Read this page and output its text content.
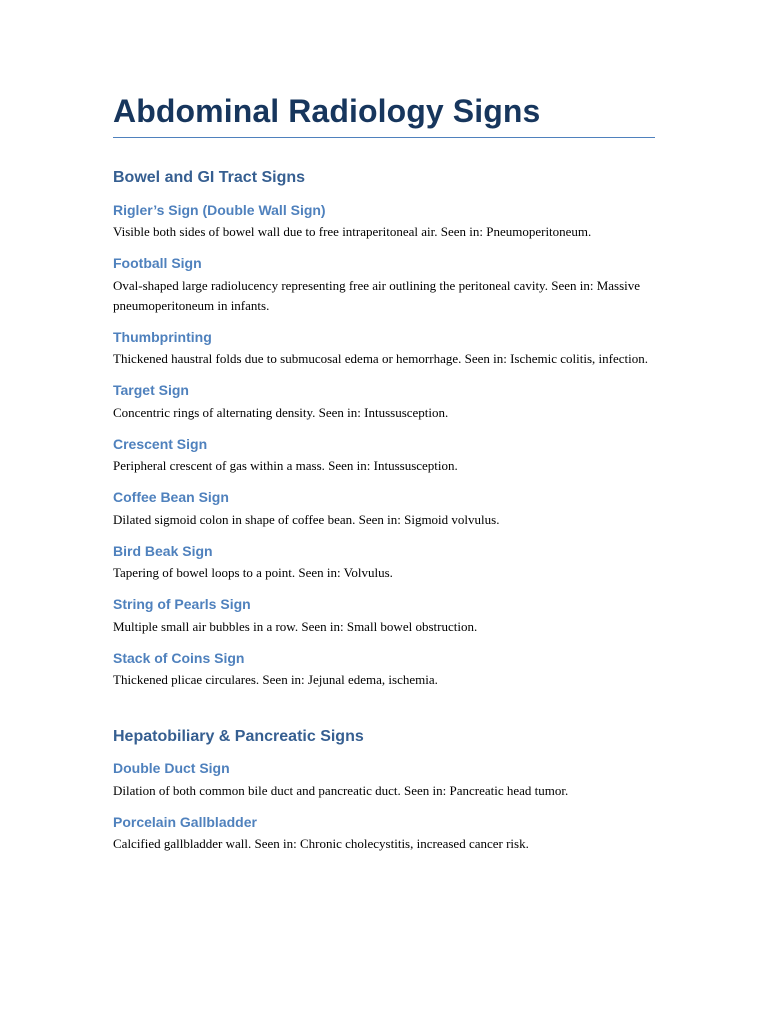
Abdominal Radiology Signs
Bowel and GI Tract Signs
Rigler’s Sign (Double Wall Sign)

Visible both sides of bowel wall due to free intraperitoneal air. Seen in: Pneumoperitoneum.

Football Sign

Oval-shaped large radiolucency representing free air outlining the peritoneal cavity. Seen in: Massive pneumoperitoneum in infants.

Thumbprinting

Thickened haustral folds due to submucosal edema or hemorrhage. Seen in: Ischemic colitis, infection.

Target Sign

Concentric rings of alternating density. Seen in: Intussusception.

Crescent Sign

Peripheral crescent of gas within a mass. Seen in: Intussusception.

Coffee Bean Sign

Dilated sigmoid colon in shape of coffee bean. Seen in: Sigmoid volvulus.

Bird Beak Sign

Tapering of bowel loops to a point. Seen in: Volvulus.

String of Pearls Sign

Multiple small air bubbles in a row. Seen in: Small bowel obstruction.

Stack of Coins Sign

Thickened plicae circulares. Seen in: Jejunal edema, ischemia.

Hepatobiliary & Pancreatic Signs
Double Duct Sign

Dilation of both common bile duct and pancreatic duct. Seen in: Pancreatic head tumor.

Porcelain Gallbladder

Calcified gallbladder wall. Seen in: Chronic cholecystitis, increased cancer risk.
